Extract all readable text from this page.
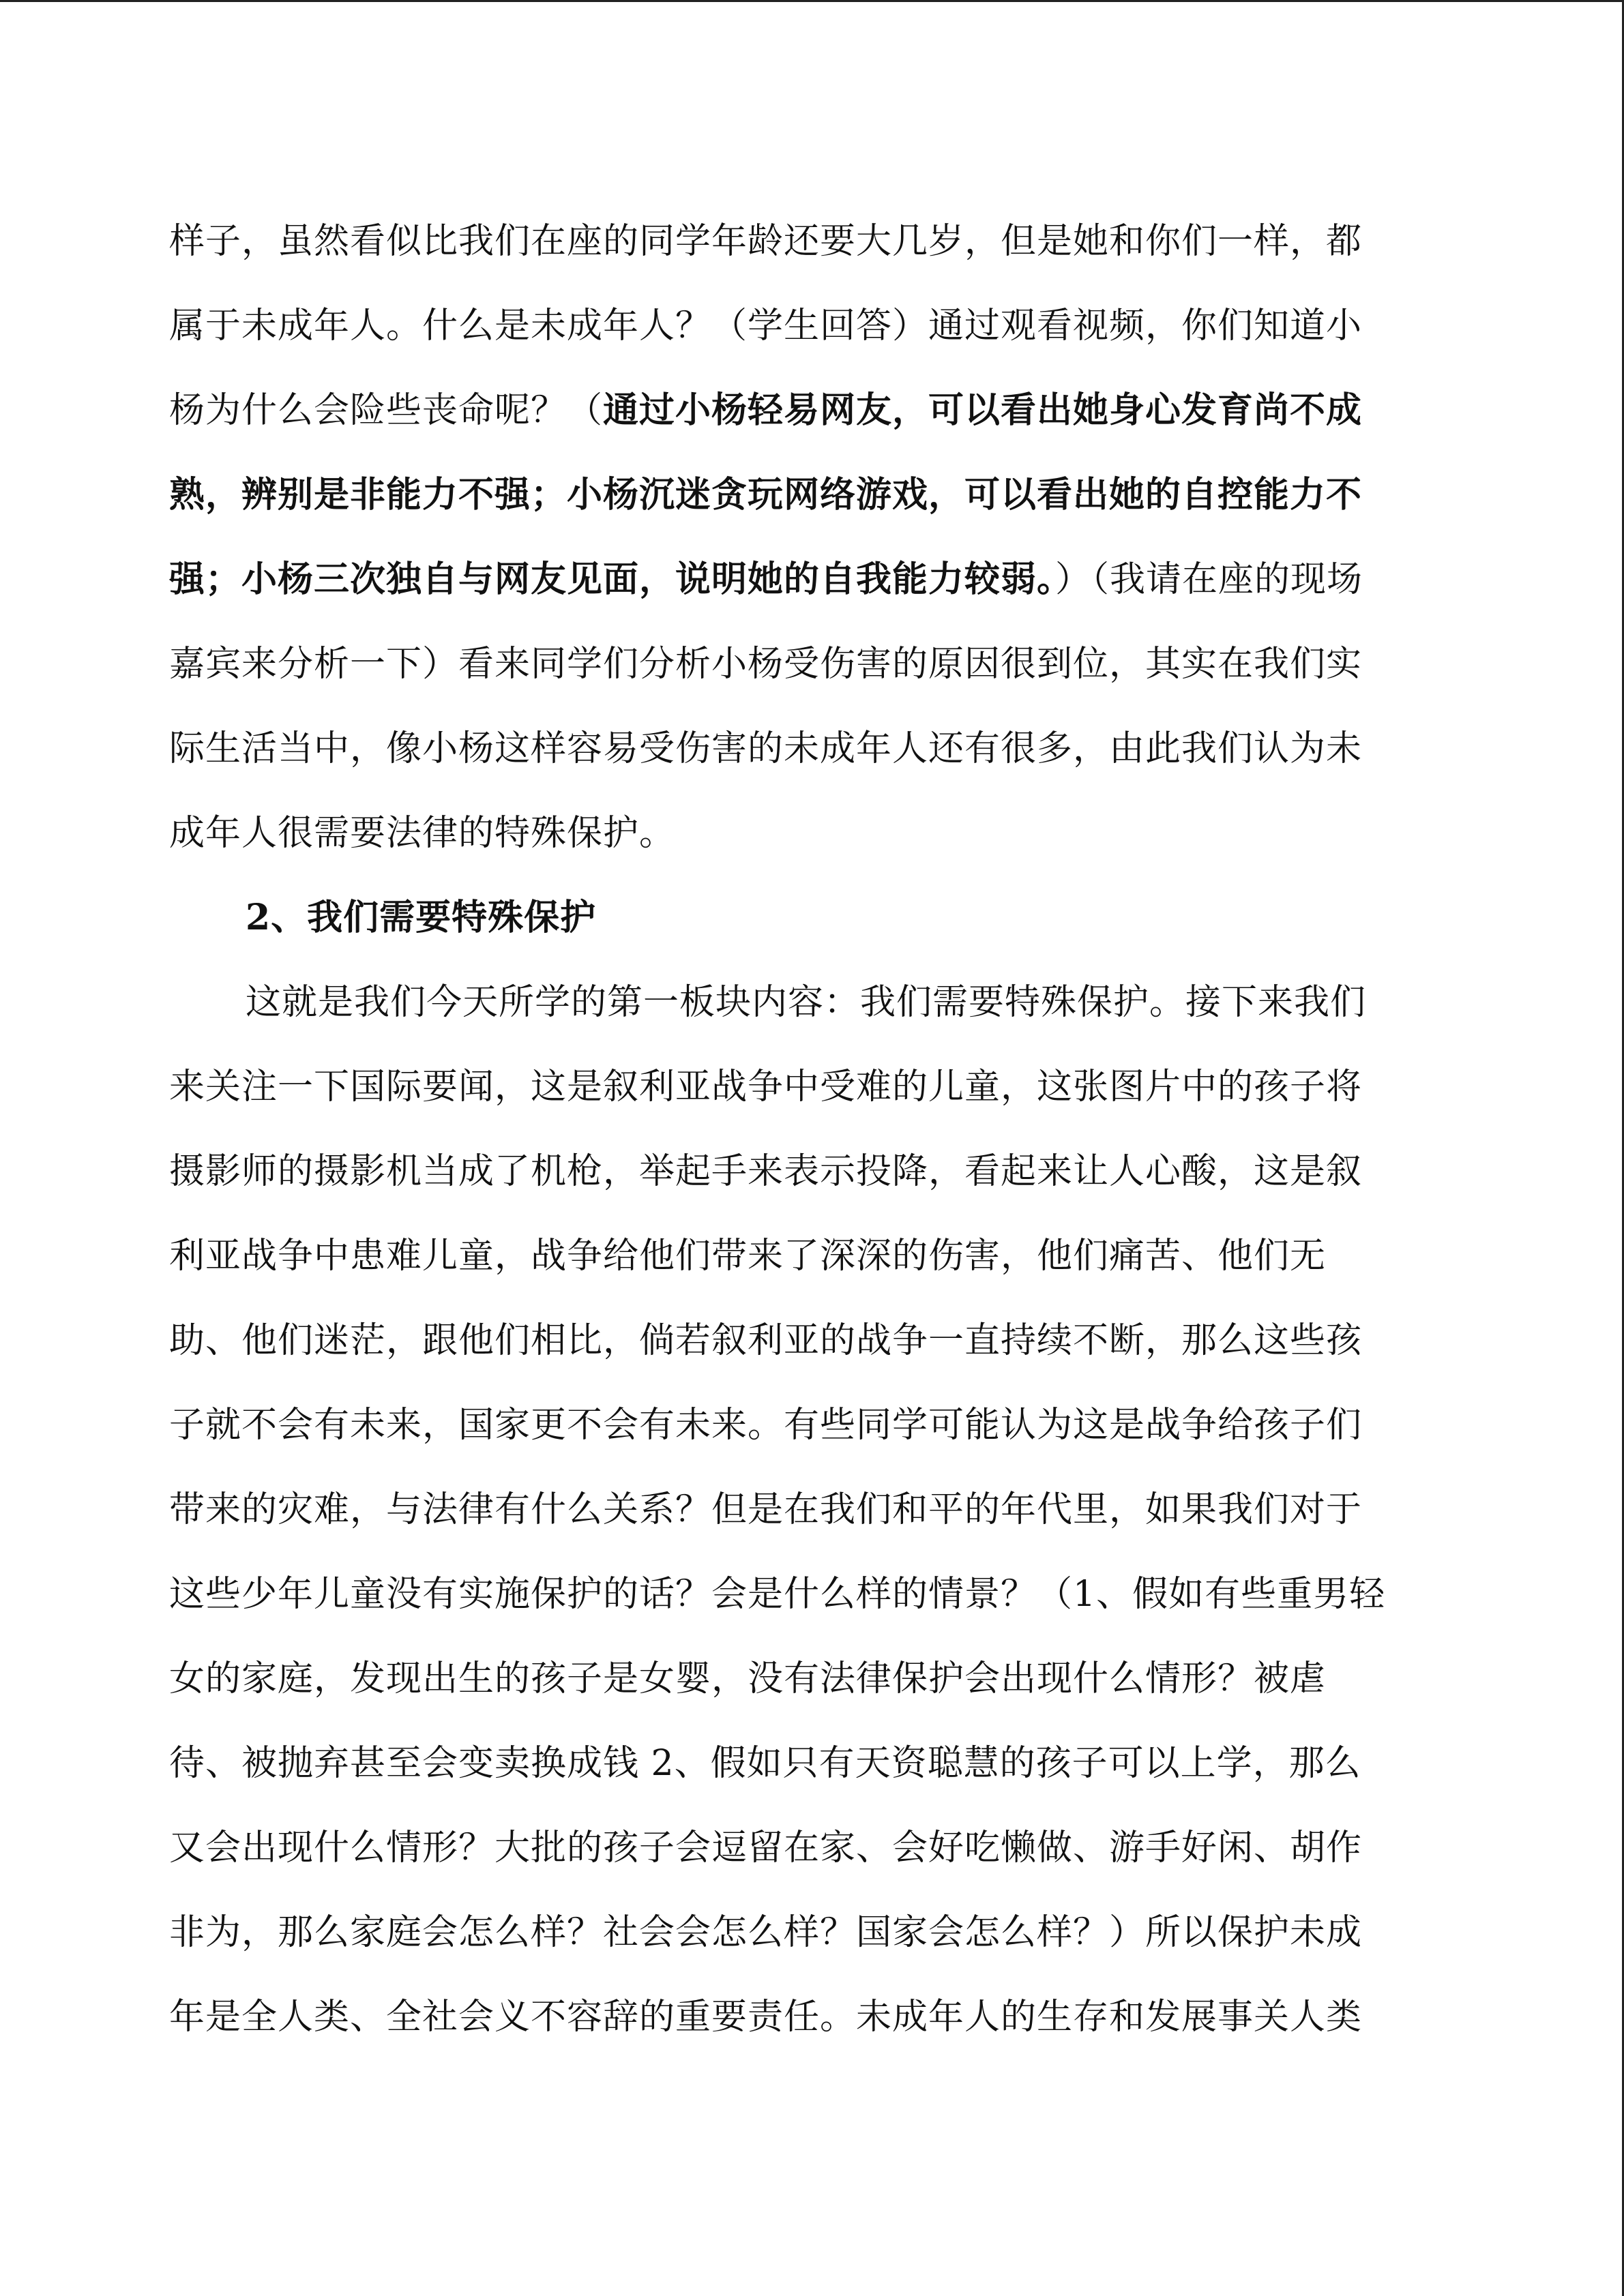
样子，虽然看似比我们在座的同学年龄还要大几岁，但是她和你们一样，都
属于未成年人。什么是未成年人？（学生回答）通过观看视频，你们知道小
杨为什么会险些丧命呢？（通过小杨轻易网友，可以看出她身心发育尚不成
熟，辨别是非能力不强；小杨沉迷贪玩网络游戏，可以看出她的自控能力不
强；小杨三次独自与网友见面，说明她的自我能力较弱。）（我请在座的现场
嘉宾来分析一下）看来同学们分析小杨受伤害的原因很到位，其实在我们实
际生活当中，像小杨这样容易受伤害的未成年人还有很多，由此我们认为未
成年人很需要法律的特殊保护。
2、我们需要特殊保护
这就是我们今天所学的第一板块内容：我们需要特殊保护。接下来我们
来关注一下国际要闻，这是叙利亚战争中受难的儿童，这张图片中的孩子将
摄影师的摄影机当成了机枪，举起手来表示投降，看起来让人心酸，这是叙
利亚战争中患难儿童，战争给他们带来了深深的伤害，他们痛苦、他们无
助、他们迷茫，跟他们相比，倘若叙利亚的战争一直持续不断，那么这些孩
子就不会有未来，国家更不会有未来。有些同学可能认为这是战争给孩子们
带来的灾难，与法律有什么关系？但是在我们和平的年代里，如果我们对于
这些少年儿童没有实施保护的话？会是什么样的情景？（1、假如有些重男轻
女的家庭，发现出生的孩子是女婴，没有法律保护会出现什么情形？被虐
待、被抛弃甚至会变卖换成钱 2、假如只有天资聪慧的孩子可以上学，那么
又会出现什么情形？大批的孩子会逗留在家、会好吃懒做、游手好闲、胡作
非为，那么家庭会怎么样？社会会怎么样？国家会怎么样？）所以保护未成
年是全人类、全社会义不容辞的重要责任。未成年人的生存和发展事关人类
